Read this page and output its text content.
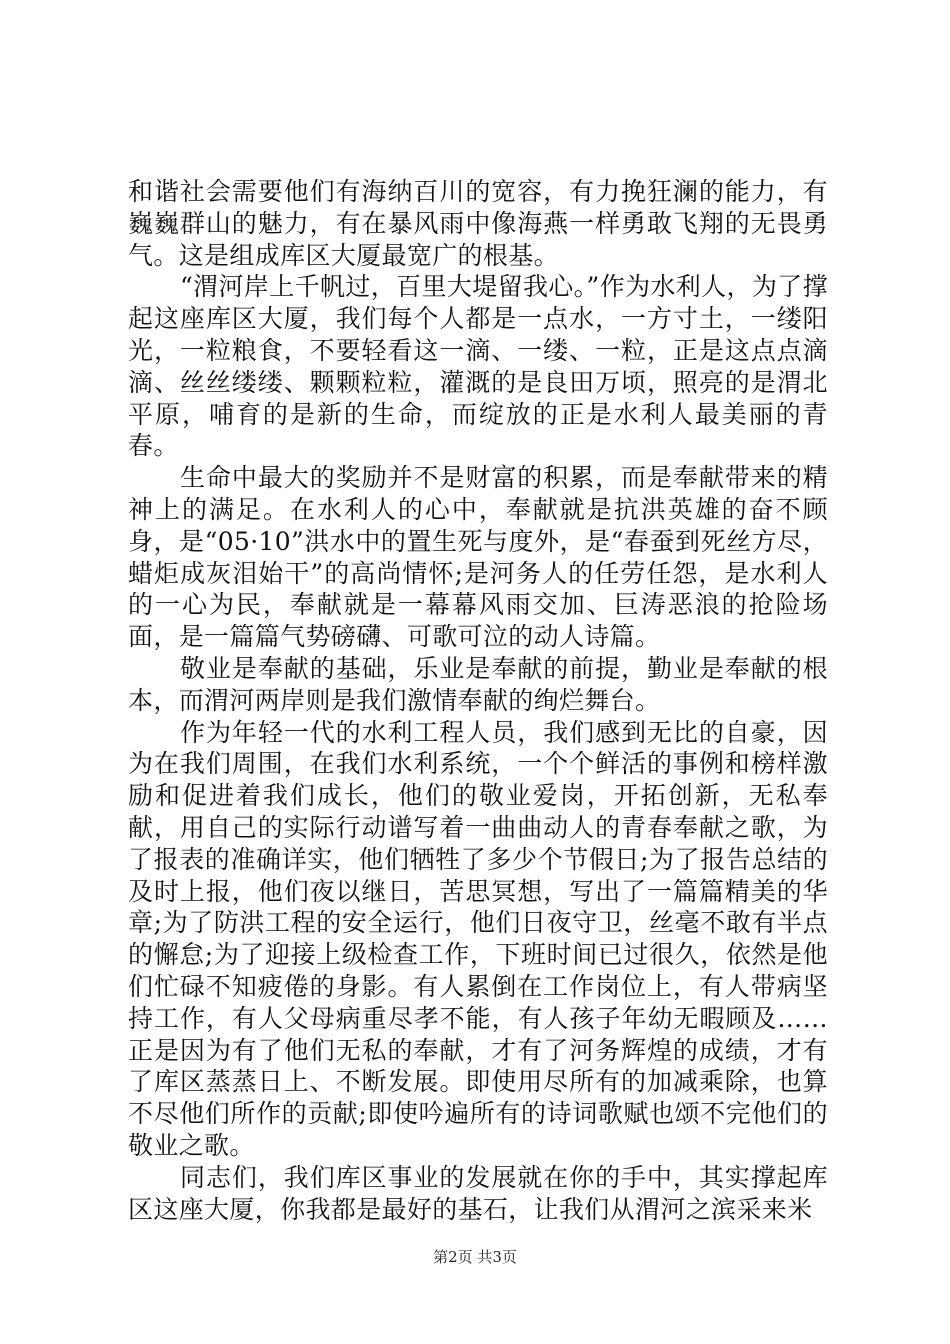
和谐社会需要他们有海纳百川的宽容，有力挽狂澜的能力，有巍巍群山的魅力，有在暴风雨中像海燕一样勇敢飞翔的无畏勇气。这是组成库区大厦最宽广的根基。

“渭河岸上千帆过，百里大堤留我心。”作为水利人，为了撑起这座库区大厦，我们每个人都是一点水，一方寸土，一缕阳光，一粒粮食，不要轻看这一滴、一缕、一粒，正是这点点滴滴、丝丝缕缕、颗颗粒粒，灌溉的是良田万顷，照亮的是渭北平原，哺育的是新的生命，而绽放的正是水利人最美丽的青春。

生命中最大的奖励并不是财富的积累，而是奉献带来的精神上的满足。在水利人的心中，奉献就是抗洪英雄的奋不顾身，是“05·10”洪水中的置生死与度外，是“春蚕到死丝方尽，蜡炬成灰泪始干”的高尚情怀;是河务人的任劳任怨，是水利人的一心为民，奉献就是一幕幕风雨交加、巨涛恶浪的抢险场面，是一篇篇气势磅礴、可歌可泣的动人诗篇。

敬业是奉献的基础，乐业是奉献的前提，勤业是奉献的根本，而渭河两岸则是我们激情奉献的绚烂舞台。

作为年轻一代的水利工程人员，我们感到无比的自豪，因为在我们周围，在我们水利系统，一个个鲜活的事例和榜样激励和促进着我们成长，他们的敬业爱岗，开拓创新，无私奉献，用自己的实际行动谱写着一曲曲动人的青春奉献之歌，为了报表的准确详实，他们牺牲了多少个节假日;为了报告总结的及时上报，他们夜以继日，苦思冥想，写出了一篇篇精美的华章;为了防洪工程的安全运行，他们日夜守卫，丝毫不敢有半点的懈怠;为了迎接上级检查工作，下班时间已过很久，依然是他们忙碌不知疲倦的身影。有人累倒在工作岗位上，有人带病坚持工作，有人父母病重尽孝不能，有人孩子年幼无暇顾及……正是因为有了他们无私的奉献，才有了河务辉煌的成绩，才有了库区蒸蒸日上、不断发展。即使用尽所有的加减乘除，也算不尽他们所作的贡献;即使吟遍所有的诗词歌赋也颂不完他们的敬业之歌。

同志们，我们库区事业的发展就在你的手中，其实撑起库区这座大厦，你我都是最好的基石，让我们从渭河之滨采来米

第2页 共3页
